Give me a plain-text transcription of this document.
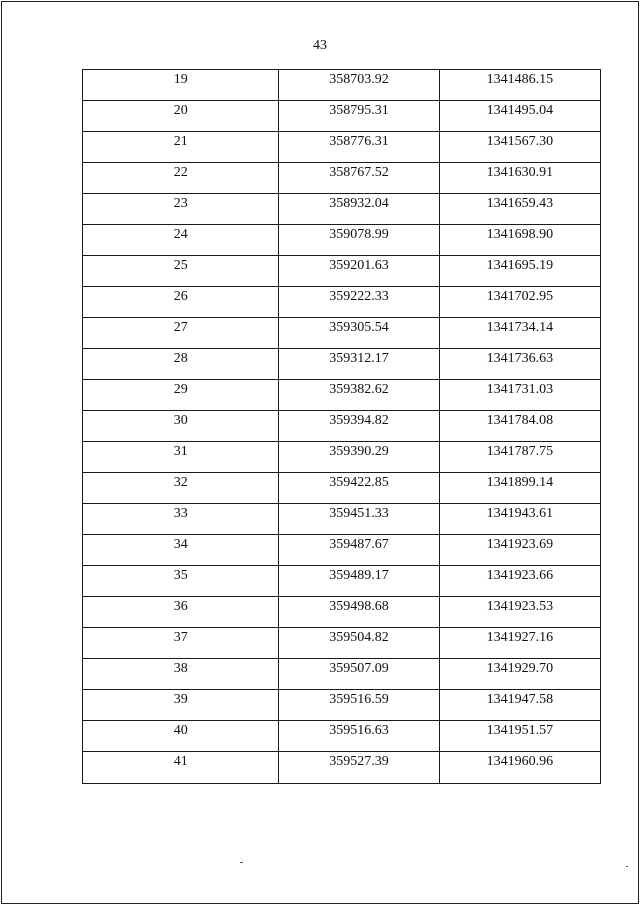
43
19	358703.92	1341486.15

20	358795.31	1341495.04

21	358776.31	1341567.30

22	358767.52	1341630.91

23	358932.04	1341659.43

24	359078.99	1341698.90

25	359201.63	1341695.19

26	359222.33	1341702.95

27	359305.54	1341734.14

28	359312.17	1341736.63

29	359382.62	1341731.03

30	359394.82	1341784.08

31	359390.29	1341787.75

32	359422.85	1341899.14

33	359451.33	1341943.61

34	359487.67	1341923.69

35	359489.17	1341923.66

36	359498.68	1341923.53

37	359504.82	1341927.16

38	359507.09	1341929.70

39	359516.59	1341947.58

40	359516.63	1341951.57

41	359527.39	1341960.96
